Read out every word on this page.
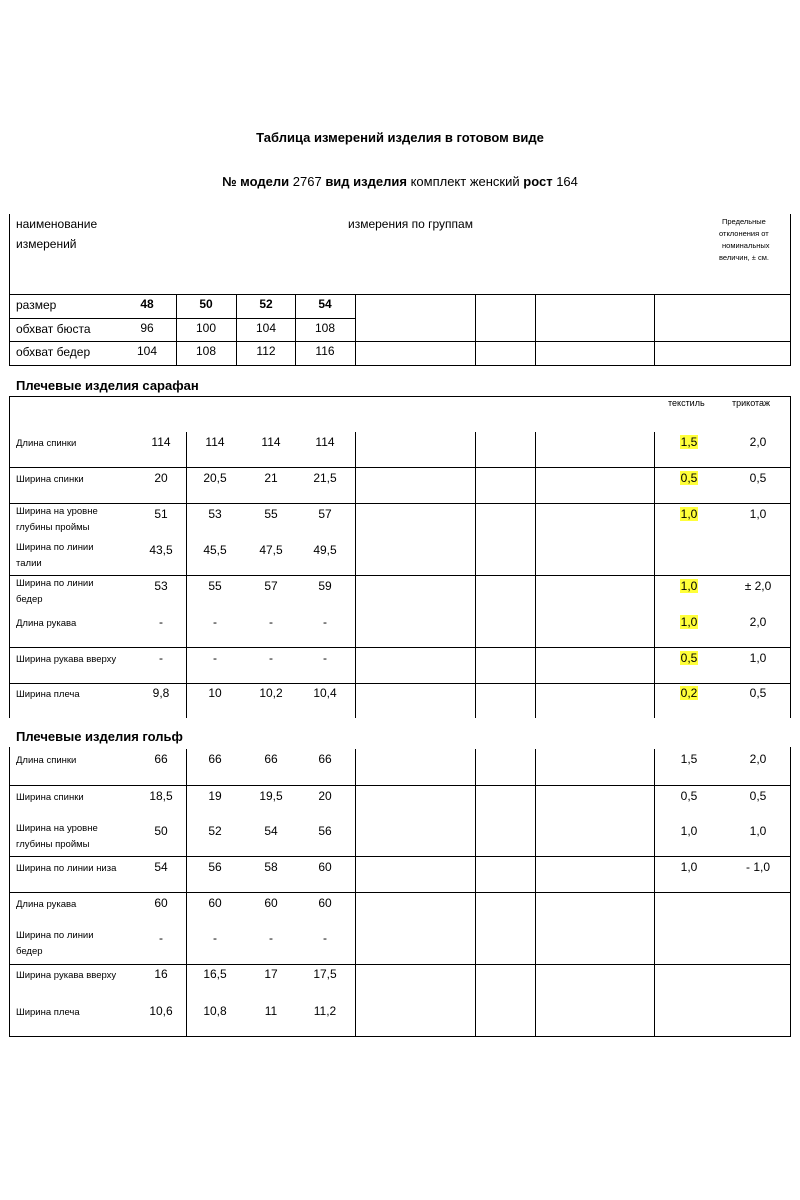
Таблица измерений изделия в готовом виде
№ модели 2767 вид изделия комплект женский рост 164
наименование
измерений
измерения по группам	Предельные
отклонения от
номинальных
величин, ± см.
размер	48	50	52	54
обхват бюста	96	100	104	108
обхват бедер	104	108	112	116
Плечевые изделия сарафан
текстиль	трикотаж
Длина спинки	114	114	114	114	1,5	2,0
Ширина спинки	20	20,5	21	21,5	0,5	0,5
Ширина на уровне
глубины проймы
51	53	55	57	1,0	1,0
Ширина по линии
талии
43,5	45,5	47,5	49,5
Ширина по линии
бедер
53	55	57	59	1,0	± 2,0
Длина рукава	-	-	-	-	1,0	2,0
Ширина рукава вверху	-	-	-	-	0,5	1,0
Ширина плеча	9,8	10	10,2	10,4	0,2	0,5
Плечевые изделия гольф
Длина спинки	66	66	66	66	1,5	2,0
Ширина спинки	18,5	19	19,5	20	0,5	0,5
Ширина на уровне
глубины проймы
50	52	54	56	1,0	1,0
Ширина по линии низа	54	56	58	60	1,0	- 1,0
Длина рукава	60	60	60	60
Ширина по линии
бедер
-	-	-	-
Ширина рукава вверху	16	16,5	17	17,5
Ширина плеча	10,6	10,8	11	11,2
